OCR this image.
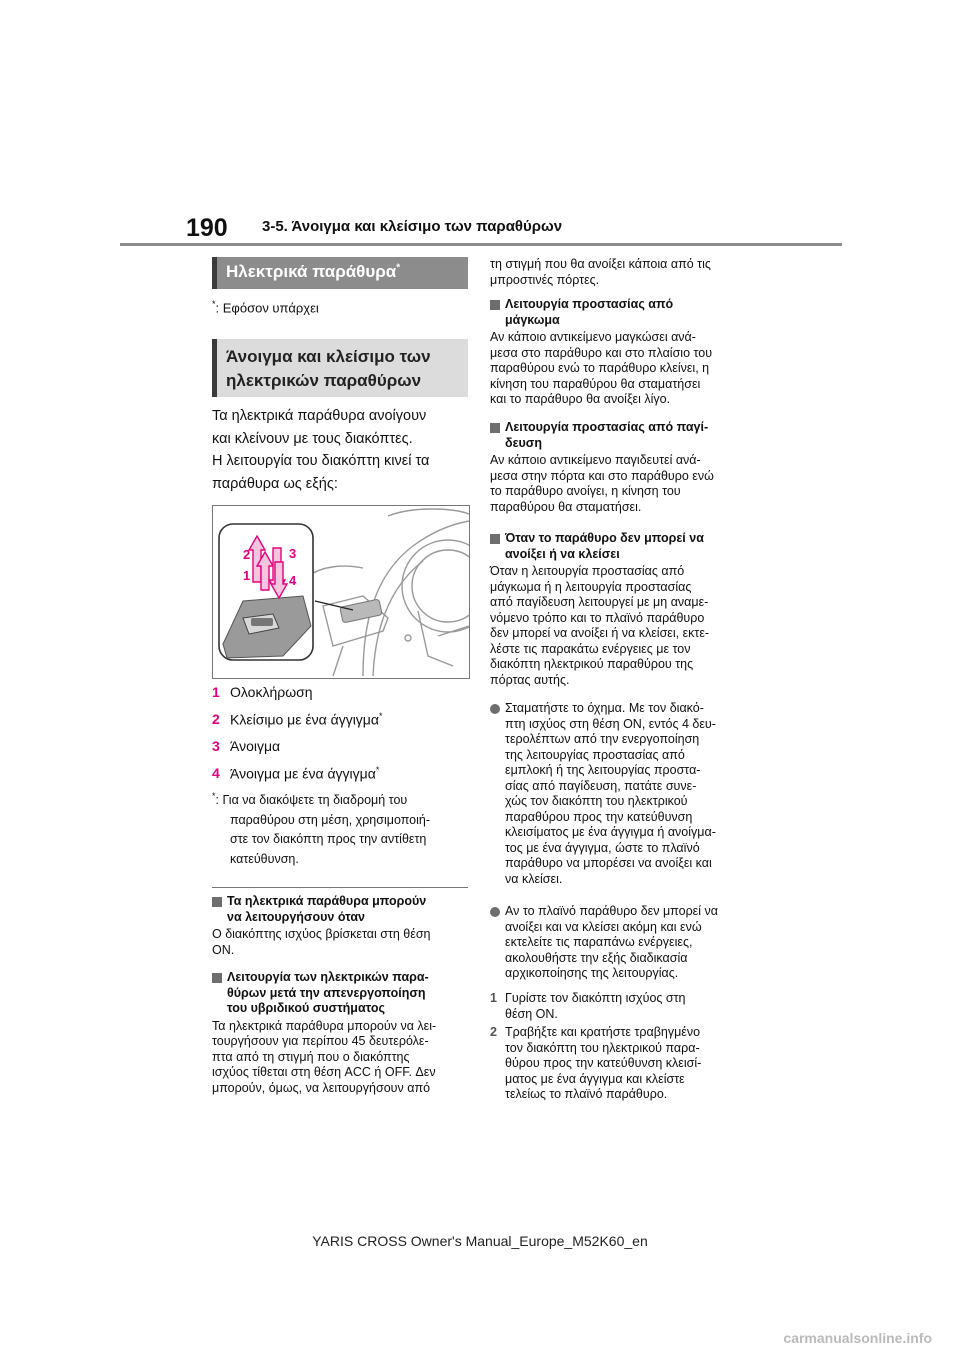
190 3-5. Άνοιγμα και κλείσιμο των παραθύρων
Ηλεκτρικά παράθυρα*
*: Εφόσον υπάρχει
Άνοιγμα και κλείσιμο των
ηλεκτρικών παραθύρων
Τα ηλεκτρικά παράθυρα ανοίγουν
και κλείνουν με τους διακόπτες.
Η λειτουργία του διακόπτη κινεί τα
παράθυρα ως εξής:
2	3
1	4
1 Ολοκλήρωση
2 Κλείσιμο με ένα άγγιγμα*
3 Άνοιγμα
4 Άνοιγμα με ένα άγγιγμα*
*: Για να διακόψετε τη διαδρομή του
παραθύρου στη μέση, χρησιμοποιή-
στε τον διακόπτη προς την αντίθετη
κατεύθυνση.
Τα ηλεκτρικά παράθυρα μπορούν
να λειτουργήσουν όταν
Ο διακόπτης ισχύος βρίσκεται στη θέση
ON.
Λειτουργία των ηλεκτρικών παρα-
θύρων μετά την απενεργοποίηση
του υβριδικού συστήματος
Τα ηλεκτρικά παράθυρα μπορούν να λει-
τουργήσουν για περίπου 45 δευτερόλε-
πτα από τη στιγμή που ο διακόπτης
ισχύος τίθεται στη θέση ACC ή OFF. Δεν
μπορούν, όμως, να λειτουργήσουν από
τη στιγμή που θα ανοίξει κάποια από τις
μπροστινές πόρτες.
Λειτουργία προστασίας από
μάγκωμα
Αν κάποιο αντικείμενο μαγκώσει ανά-
μεσα στο παράθυρο και στο πλαίσιο του
παραθύρου ενώ το παράθυρο κλείνει, η
κίνηση του παραθύρου θα σταματήσει
και το παράθυρο θα ανοίξει λίγο.
Λειτουργία προστασίας από παγί-
δευση
Αν κάποιο αντικείμενο παγιδευτεί ανά-
μεσα στην πόρτα και στο παράθυρο ενώ
το παράθυρο ανοίγει, η κίνηση του
παραθύρου θα σταματήσει.
Όταν το παράθυρο δεν μπορεί να
ανοίξει ή να κλείσει
Όταν η λειτουργία προστασίας από
μάγκωμα ή η λειτουργία προστασίας
από παγίδευση λειτουργεί με μη αναμε-
νόμενο τρόπο και το πλαϊνό παράθυρο
δεν μπορεί να ανοίξει ή να κλείσει, εκτε-
λέστε τις παρακάτω ενέργειες με τον
διακόπτη ηλεκτρικού παραθύρου της
πόρτας αυτής.
Σταματήστε το όχημα. Με τον διακό-
πτη ισχύος στη θέση ON, εντός 4 δευ-
τερολέπτων από την ενεργοποίηση
της λειτουργίας προστασίας από
εμπλοκή ή της λειτουργίας προστα-
σίας από παγίδευση, πατάτε συνε-
χώς τον διακόπτη του ηλεκτρικού
παραθύρου προς την κατεύθυνση
κλεισίματος με ένα άγγιγμα ή ανοίγμα-
τος με ένα άγγιγμα, ώστε το πλαϊνό
παράθυρο να μπορέσει να ανοίξει και
να κλείσει.
Αν το πλαϊνό παράθυρο δεν μπορεί να
ανοίξει και να κλείσει ακόμη και ενώ
εκτελείτε τις παραπάνω ενέργειες,
ακολουθήστε την εξής διαδικασία
αρχικοποίησης της λειτουργίας.
1 Γυρίστε τον διακόπτη ισχύος στη
θέση ON.
2 Τραβήξτε και κρατήστε τραβηγμένο
τον διακόπτη του ηλεκτρικού παρα-
θύρου προς την κατεύθυνση κλεισί-
ματος με ένα άγγιγμα και κλείστε
τελείως το πλαϊνό παράθυρο.
YARIS CROSS Owner's Manual_Europe_M52K60_en
carmanualsonline.info
